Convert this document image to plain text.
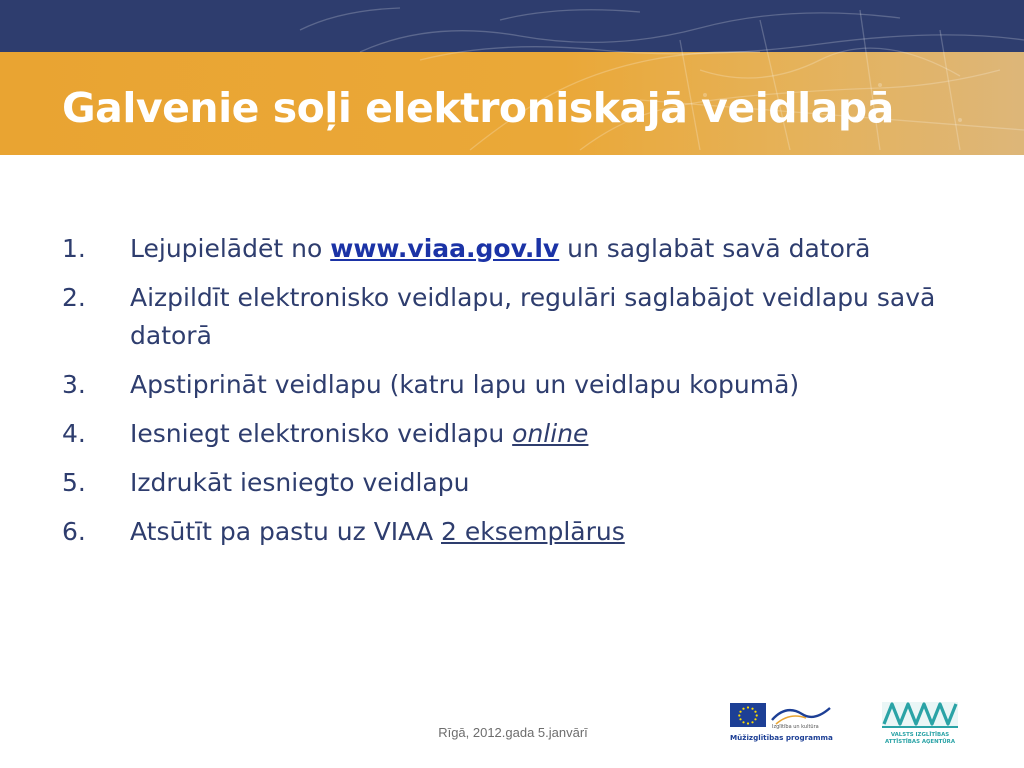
Galvenie soļi elektroniskajā veidlapā
1. Lejupielādēt no www.viaa.gov.lv un saglabāt savā datorā
2. Aizpildīt elektronisko veidlapu, regulāri saglabājot veidlapu savā datorā
3. Apstiprināt veidlapu (katru lapu un veidlapu kopumā)
4. Iesniegt elektronisko veidlapu online
5. Izdrukāt iesniegto veidlapu
6. Atsūtīt pa pastu uz VIAA 2 eksemplārus
Rīgā, 2012.gada 5.janvārī	Izglītība un kultūra
Mūžizglītības programma	VALSTS IZGLĪTĪBAS
ATTĪSTĪBAS AĢENTŪRA
